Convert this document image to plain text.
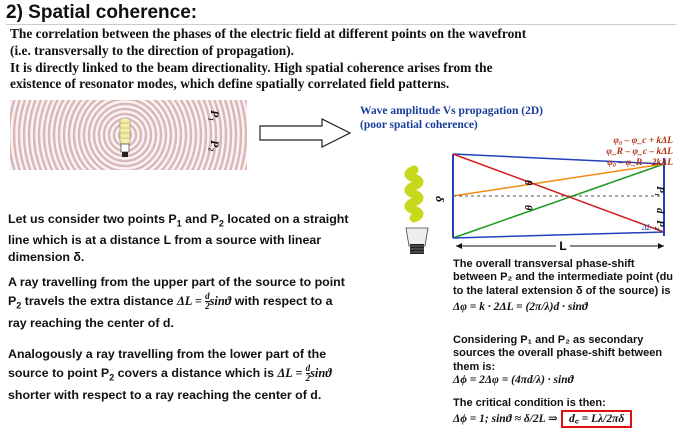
2) Spatial coherence:

The correlation between the phases of the electric field at different points on the wavefront

(i.e. transversally to the direction of propagation).

It is directly linked to the beam directionality. High spatial coherence arises from the

existence of resonator modes, which define spatially correlated field patterns.

P₁
P₂
Wave amplitude Vs propagation (2D)
(poor spatial coherence)

Let us consider two points $P_1$ and $P_2$ located on a straight

line which is at a distance L from a source with linear

dimension δ.

A ray travelling from the upper part of the source to point

$P_2$ travels the extra distance $\Delta L = \frac{d}{2}$ sinϑ with respect to a

ray reaching the center of d.

Analogously a ray travelling from the lower part of the

source to point $P_2$ covers a distance which is $\Delta L = \frac{d}{2}$ sinϑ

shorter with respect to a ray reaching the center of d.

L
δ
θ
θ
ΔL
P₁
d
P₂
φ₀ – φ_c + kΔL
φ_R – φ_c – kΔL
φ₀ – φ_R – 2kΔL

The overall transversal phase-shift

between P₂ and the intermediate point (du

to the lateral extension δ of the source) is

Δφ = k · 2ΔL = (2π/λ)d · sinϑ

Considering P₁ and P₂ as secondary

sources the overall phase-shift between

them is:

Δϕ = 2Δφ = (4πd/λ) · sinϑ

The critical condition is then:

Δϕ = 1; sinϑ ≈ δ/2L ⇒ d꜀ = Lλ/2πδ
